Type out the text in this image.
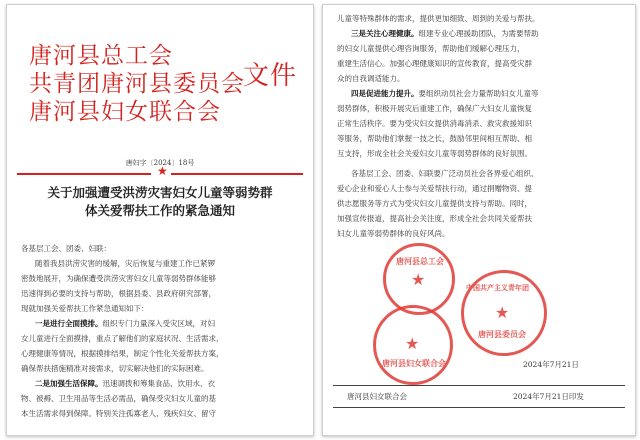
唐河县总工会
共青团唐河县委员会
唐河县妇女联合会
文件
唐妇字〔2024〕18号
★
关于加强遭受洪涝灾害妇女儿童等弱势群
体关爱帮扶工作的紧急通知
各基层工会、团委、妇联：
随着我县洪涝灾害的缓解，灾后恢复与重建工作已紧锣
密鼓地展开，为确保遭受洪涝灾害妇女儿童等弱势群体能够
迅速得到必要的支持与帮助，根据县委、县政府研究部署，
现就加强关爱帮扶工作紧急通知如下：
一是进行全面摸排。组织专门力量深入受灾区域，对妇
女儿童进行全面摸排，重点了解他们的家庭状况、生活需求、
心理健康等情况，根据摸排结果，制定个性化关爱帮扶方案，
确保帮扶措施精准对接需求，切实解决他们的实际困难。
二是加强生活保障。迅速调拨和筹集食品、饮用水、衣
物、被褥、卫生用品等生活必需品，确保受灾妇女儿童的基
本生活需求得到保障。特别关注孤寡老人、残疾妇女、留守
儿童等特殊群体的需求，提供更加细致、周到的关爱与帮扶。
三是关注心理健康。组建专业心理援助团队，为需要帮助
的妇女儿童提供心理咨询服务，帮助他们缓解心理压力，
重建生活信心。加强心理健康知识的宣传教育，提高受灾群
众的自我调适能力。
四是促进能力提升。要组织动员社会力量帮助妇女儿童等
弱势群体，积极开展灾后重建工作，确保广大妇女儿童恢复
正常生活秩序。要为受灾妇女提供消毒消杀、救灾救援知识
等服务，帮助他们掌握一技之长，鼓励邻里间相互帮助、相
互支持，形成全社会关爱妇女儿童等弱势群体的良好氛围。
各基层工会、团委、妇联要广泛动员社会各界爱心组织、
爱心企业和爱心人士参与关爱帮扶行动，通过捐赠物资、提
供志愿服务等方式为受灾妇女儿童提供支持与帮助。同时，
加强宣传报道，提高社会关注度，形成全社会共同关爱帮扶
妇女儿童等弱势群体的良好风尚。
唐河县总工会
★
唐河县妇女联合会
★
中国共产主义青年团
★
唐河县委员会
2024年7月21日
唐河县妇女联合会	2024年7月21日印发
